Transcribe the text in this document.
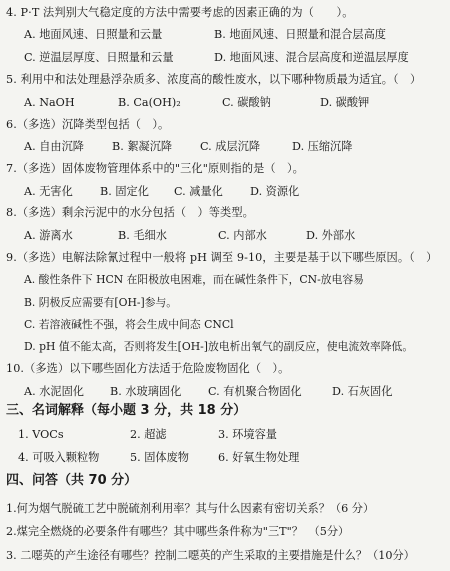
4. P·T 法判别大气稳定度的方法中需要考虑的因素正确的为（　　）。
A. 地面风速、日照量和云量	B. 地面风速、日照量和混合层高度
C. 逆温层厚度、日照量和云量	D. 地面风速、混合层高度和逆温层厚度
5. 利用中和法处理悬浮杂质多、浓度高的酸性废水，以下哪种物质最为适宜。（　）
A. NaOH	B. Ca(OH)₂	C. 碳酸钠	D. 碳酸钾
6.（多选）沉降类型包括（　）。
A. 自由沉降	B. 絮凝沉降 C. 成层沉降	D. 压缩沉降
7.（多选）固体废物管理体系中的"三化"原则指的是（　）。
A. 无害化 B. 固定化 C. 减量化 D. 资源化
8.（多选）剩余污泥中的水分包括（　）等类型。
A. 游离水	B. 毛细水	C. 内部水	D. 外部水
9.（多选）电解法除氰过程中一般将 pH 调至 9-10，主要是基于以下哪些原因。（　）
A. 酸性条件下 HCN 在阳极放电困难，而在碱性条件下，CN-放电容易
B. 阴极反应需要有[OH-]参与。
C. 若溶液碱性不强，将会生成中间态 CNCl
D. pH 值不能太高，否则将发生[OH-]放电析出氧气的副反应，使电流效率降低。
10.（多选）以下哪些固化方法适于危险废物固化（　）。
A. 水泥固化 B. 水玻璃固化 C. 有机聚合物固化	D. 石灰固化
三、名词解释（每小题 3 分，共 18 分）
1. VOCs	2. 超滤	3. 环境容量
4. 可吸入颗粒物	5. 固体废物	6. 好氧生物处理
四、问答（共 70 分）
1.何为烟气脱硫工艺中脱硫剂利用率？其与什么因素有密切关系？（6 分）
2.煤完全燃烧的必要条件有哪些？其中哪些条件称为"三T"？　（5分）
3. 二噁英的产生途径有哪些？控制二噁英的产生采取的主要措施是什么？（10分）
